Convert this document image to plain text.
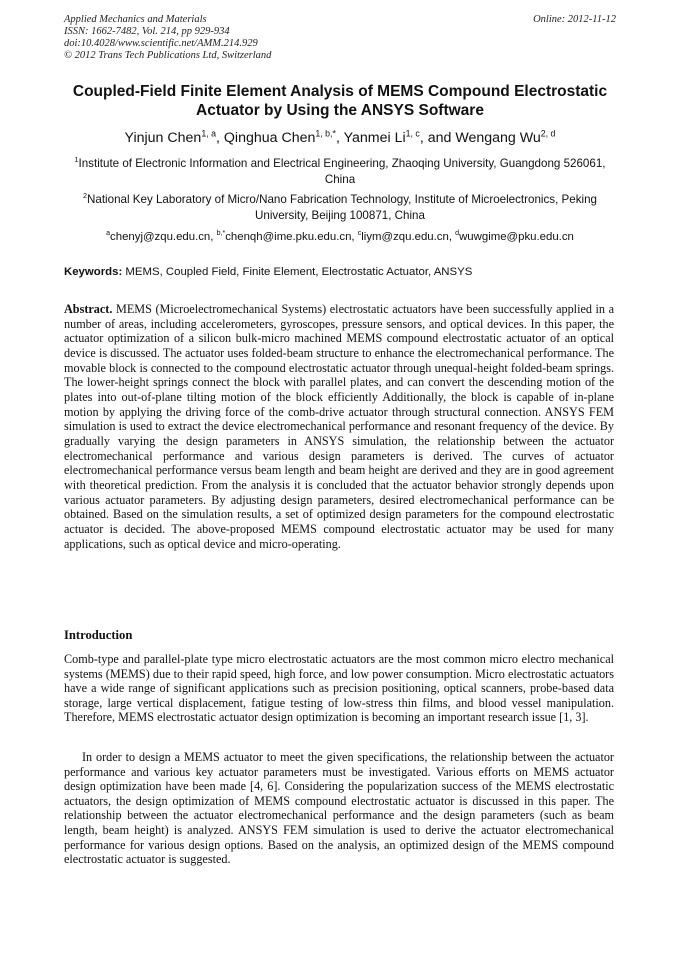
Applied Mechanics and Materials
ISSN: 1662-7482, Vol. 214, pp 929-934
doi:10.4028/www.scientific.net/AMM.214.929
© 2012 Trans Tech Publications Ltd, Switzerland
Online: 2012-11-12
Coupled-Field Finite Element Analysis of MEMS Compound Electrostatic Actuator by Using the ANSYS Software
Yinjun Chen$^{1, a}$, Qinghua Chen$^{1, b,*}$, Yanmei Li$^{1, c}$, and Wengang Wu$^{2, d}$
$^1$Institute of Electronic Information and Electrical Engineering, Zhaoqing University, Guangdong 526061, China
$^2$National Key Laboratory of Micro/Nano Fabrication Technology, Institute of Microelectronics, Peking University, Beijing 100871, China
$^a$chenyj@zqu.edu.cn, $^{b,*}$chenqh@ime.pku.edu.cn, $^c$liym@zqu.edu.cn, $^d$wuwgime@pku.edu.cn
Keywords: MEMS, Coupled Field, Finite Element, Electrostatic Actuator, ANSYS
Abstract. MEMS (Microelectromechanical Systems) electrostatic actuators have been successfully applied in a number of areas, including accelerometers, gyroscopes, pressure sensors, and optical devices. In this paper, the actuator optimization of a silicon bulk-micro machined MEMS compound electrostatic actuator of an optical device is discussed. The actuator uses folded-beam structure to enhance the electromechanical performance. The movable block is connected to the compound electrostatic actuator through unequal-height folded-beam springs. The lower-height springs connect the block with parallel plates, and can convert the descending motion of the plates into out-of-plane tilting motion of the block efficiently Additionally, the block is capable of in-plane motion by applying the driving force of the comb-drive actuator through structural connection. ANSYS FEM simulation is used to extract the device electromechanical performance and resonant frequency of the device. By gradually varying the design parameters in ANSYS simulation, the relationship between the actuator electromechanical performance and various design parameters is derived. The curves of actuator electromechanical performance versus beam length and beam height are derived and they are in good agreement with theoretical prediction. From the analysis it is concluded that the actuator behavior strongly depends upon various actuator parameters. By adjusting design parameters, desired electromechanical performance can be obtained. Based on the simulation results, a set of optimized design parameters for the compound electrostatic actuator is decided. The above-proposed MEMS compound electrostatic actuator may be used for many applications, such as optical device and micro-operating.
Introduction

Comb-type and parallel-plate type micro electrostatic actuators are the most common micro electro mechanical systems (MEMS) due to their rapid speed, high force, and low power consumption. Micro electrostatic actuators have a wide range of significant applications such as precision positioning, optical scanners, probe-based data storage, large vertical displacement, fatigue testing of low-stress thin films, and blood vessel manipulation. Therefore, MEMS electrostatic actuator design optimization is becoming an important research issue [1, 3].

In order to design a MEMS actuator to meet the given specifications, the relationship between the actuator performance and various key actuator parameters must be investigated. Various efforts on MEMS actuator design optimization have been made [4, 6]. Considering the popularization success of the MEMS electrostatic actuators, the design optimization of MEMS compound electrostatic actuator is discussed in this paper. The relationship between the actuator electromechanical performance and the design parameters (such as beam length, beam height) is analyzed. ANSYS FEM simulation is used to derive the actuator electromechanical performance for various design options. Based on the analysis, an optimized design of the MEMS compound electrostatic actuator is suggested.
